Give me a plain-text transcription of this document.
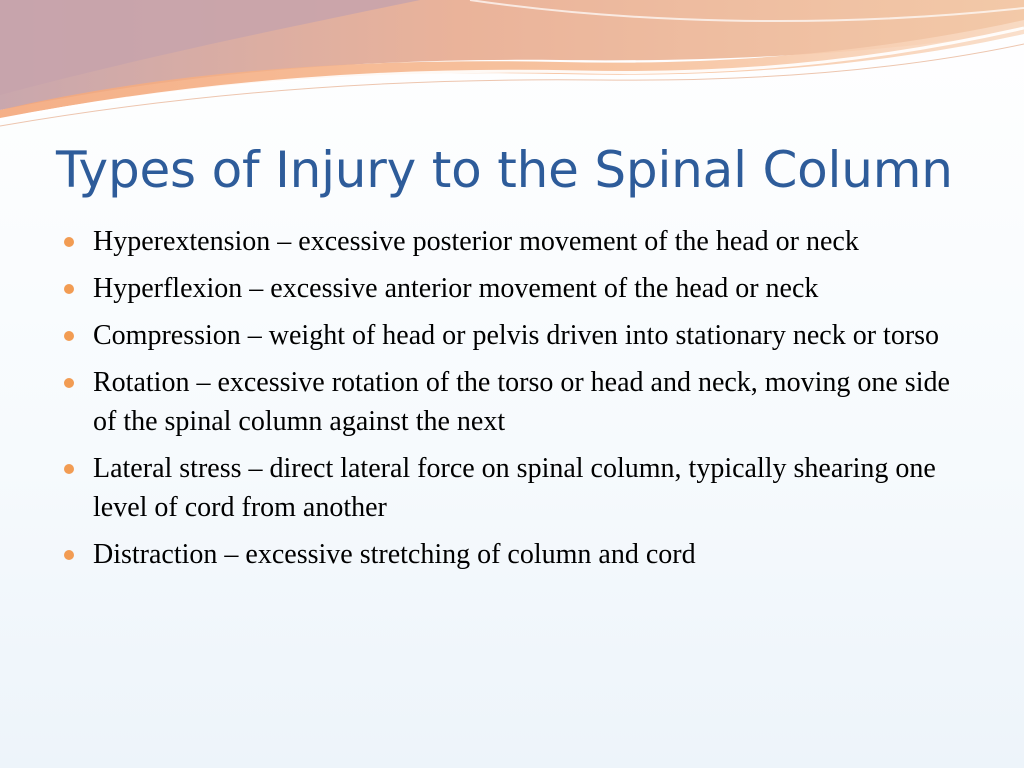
Types of Injury to the Spinal Column
Hyperextension – excessive posterior movement of the head or neck
Hyperflexion – excessive anterior movement of the head or neck
Compression – weight of head or pelvis driven into stationary neck or torso
Rotation – excessive rotation of the torso or head and neck, moving one side of the spinal column against the next
Lateral stress – direct lateral force on spinal column, typically shearing one level of cord from another
Distraction – excessive stretching of column and cord
